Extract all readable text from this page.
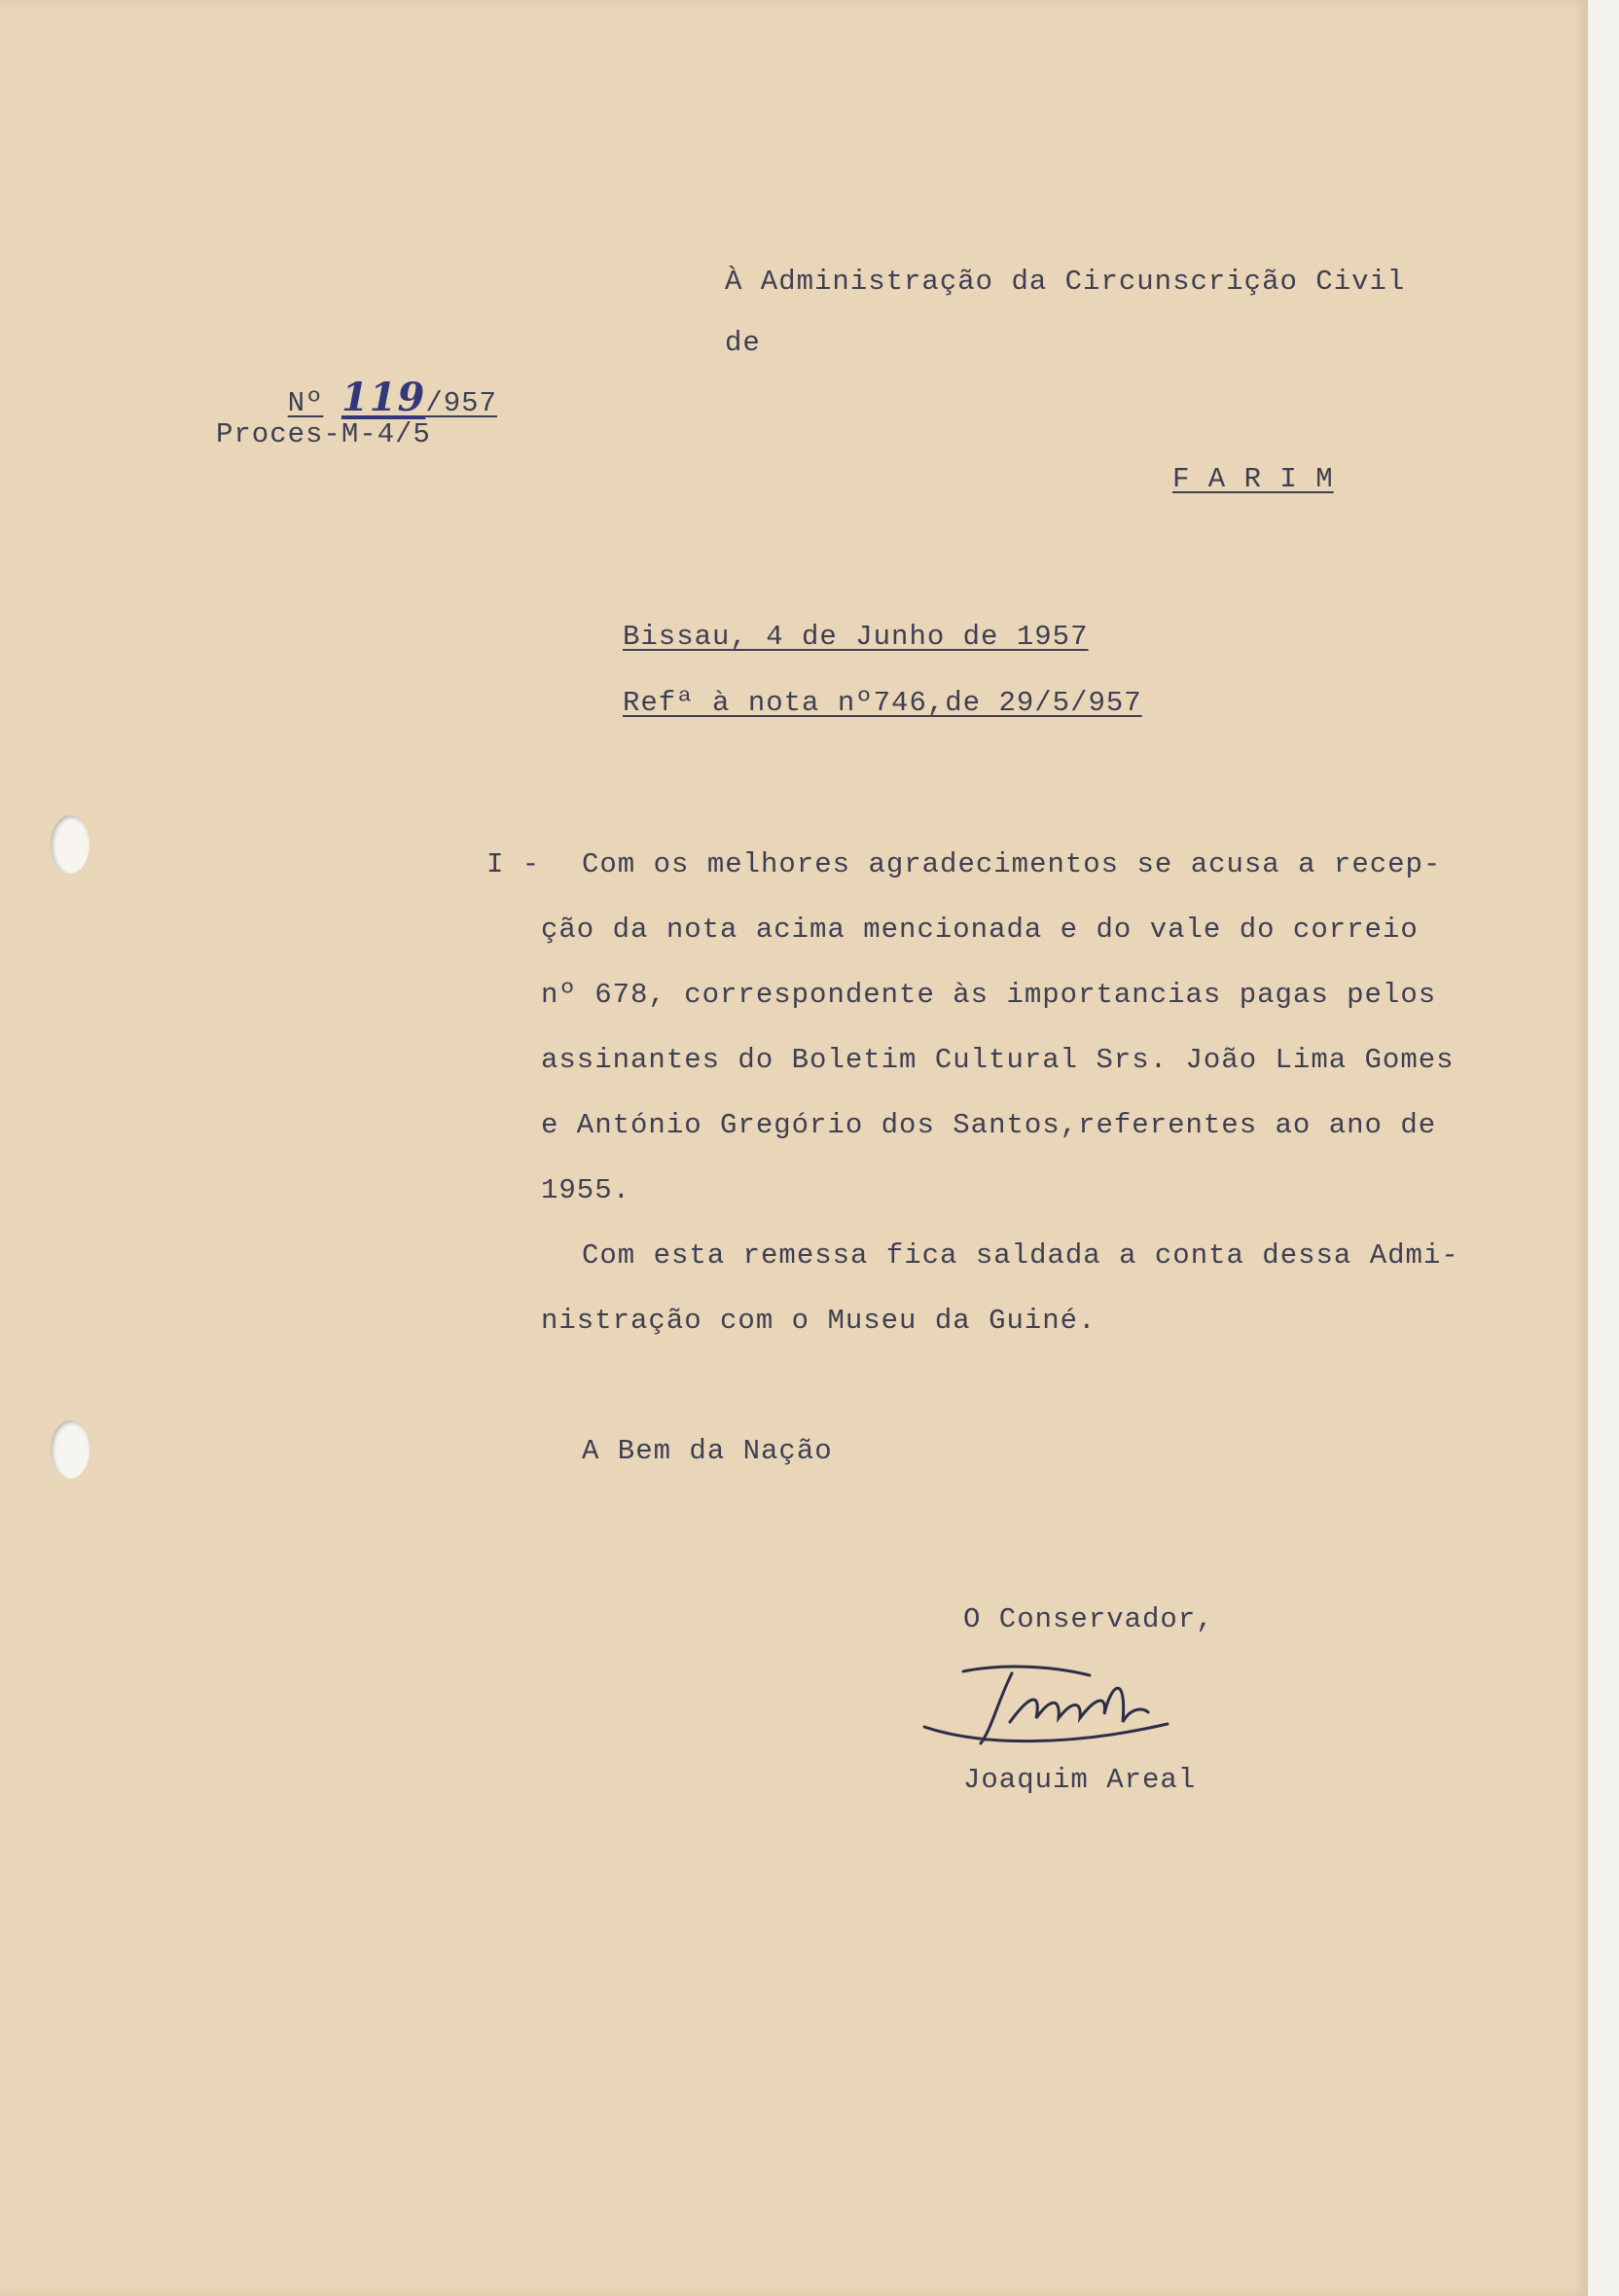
À Administração da Circunscrição Civil
de
F A R I M

Nº 119/957

Proces-M-4/5
Bissau, 4 de Junho de 1957
Refª à nota nº746,de 29/5/957
I - Com os melhores agradecimentos se acusa a recep-
ção da nota acima mencionada e do vale do correio
nº 678, correspondente às importancias pagas pelos
assinantes do Boletim Cultural Srs. João Lima Gomes
e António Gregório dos Santos,referentes ao ano de
1955.
Com esta remessa fica saldada a conta dessa Admi-
nistração com o Museu da Guiné.
A Bem da Nação
O Conservador,
Joaquim Areal
